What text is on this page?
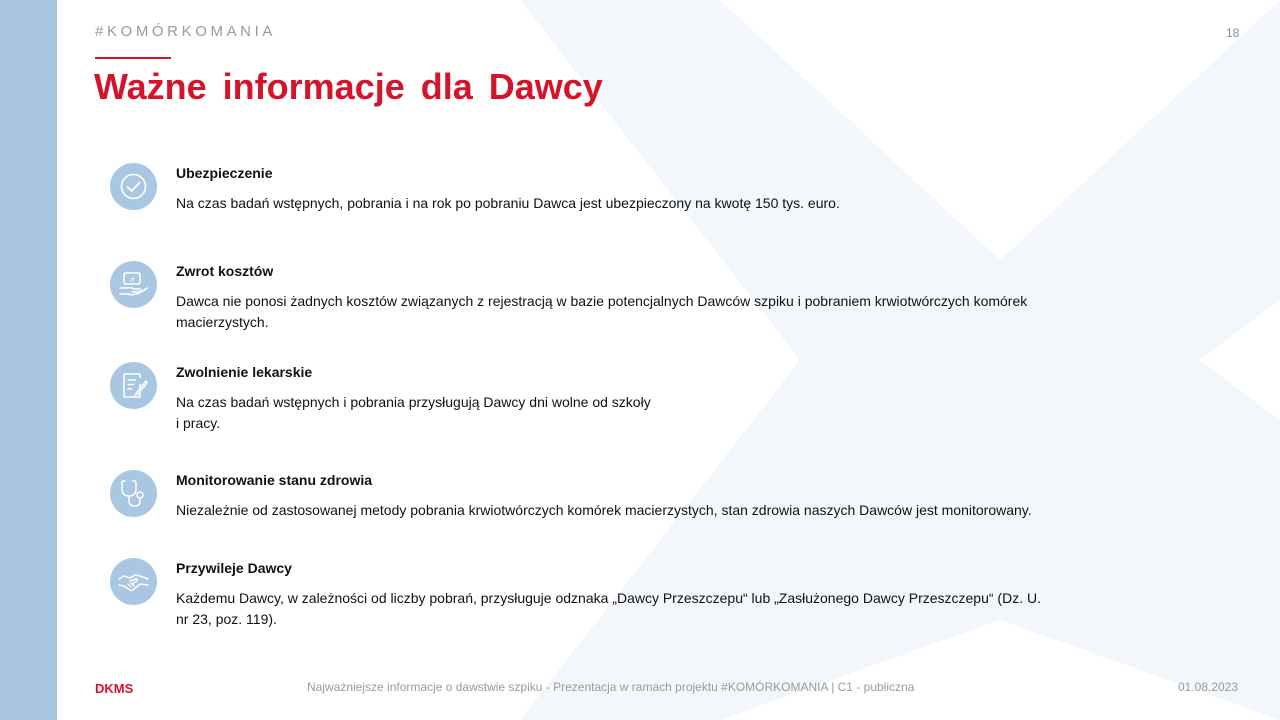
#KOMÓRKOMANIA	18
Ważne informacje dla Dawcy
Ubezpieczenie
Na czas badań wstępnych, pobrania i na rok po pobraniu Dawca jest ubezpieczony na kwotę 150 tys. euro.
zł
Zwrot kosztów
Dawca nie ponosi żadnych kosztów związanych z rejestracją w bazie potencjalnych Dawców szpiku i pobraniem krwiotwórczych komórek
macierzystych.
Zwolnienie lekarskie
Na czas badań wstępnych i pobrania przysługują Dawcy dni wolne od szkoły
i pracy.
Monitorowanie stanu zdrowia
Niezależnie od zastosowanej metody pobrania krwiotwórczych komórek macierzystych, stan zdrowia naszych Dawców jest monitorowany.
Przywileje Dawcy
Każdemu Dawcy, w zależności od liczby pobrań, przysługuje odznaka „Dawcy Przeszczepu“ lub „Zasłużonego Dawcy Przeszczepu“ (Dz. U.
nr 23, poz. 119).
DKMS	Najważniejsze informacje o dawstwie szpiku - Prezentacja w ramach projektu #KOMÓRKOMANIA | C1 - publiczna	01.08.2023
